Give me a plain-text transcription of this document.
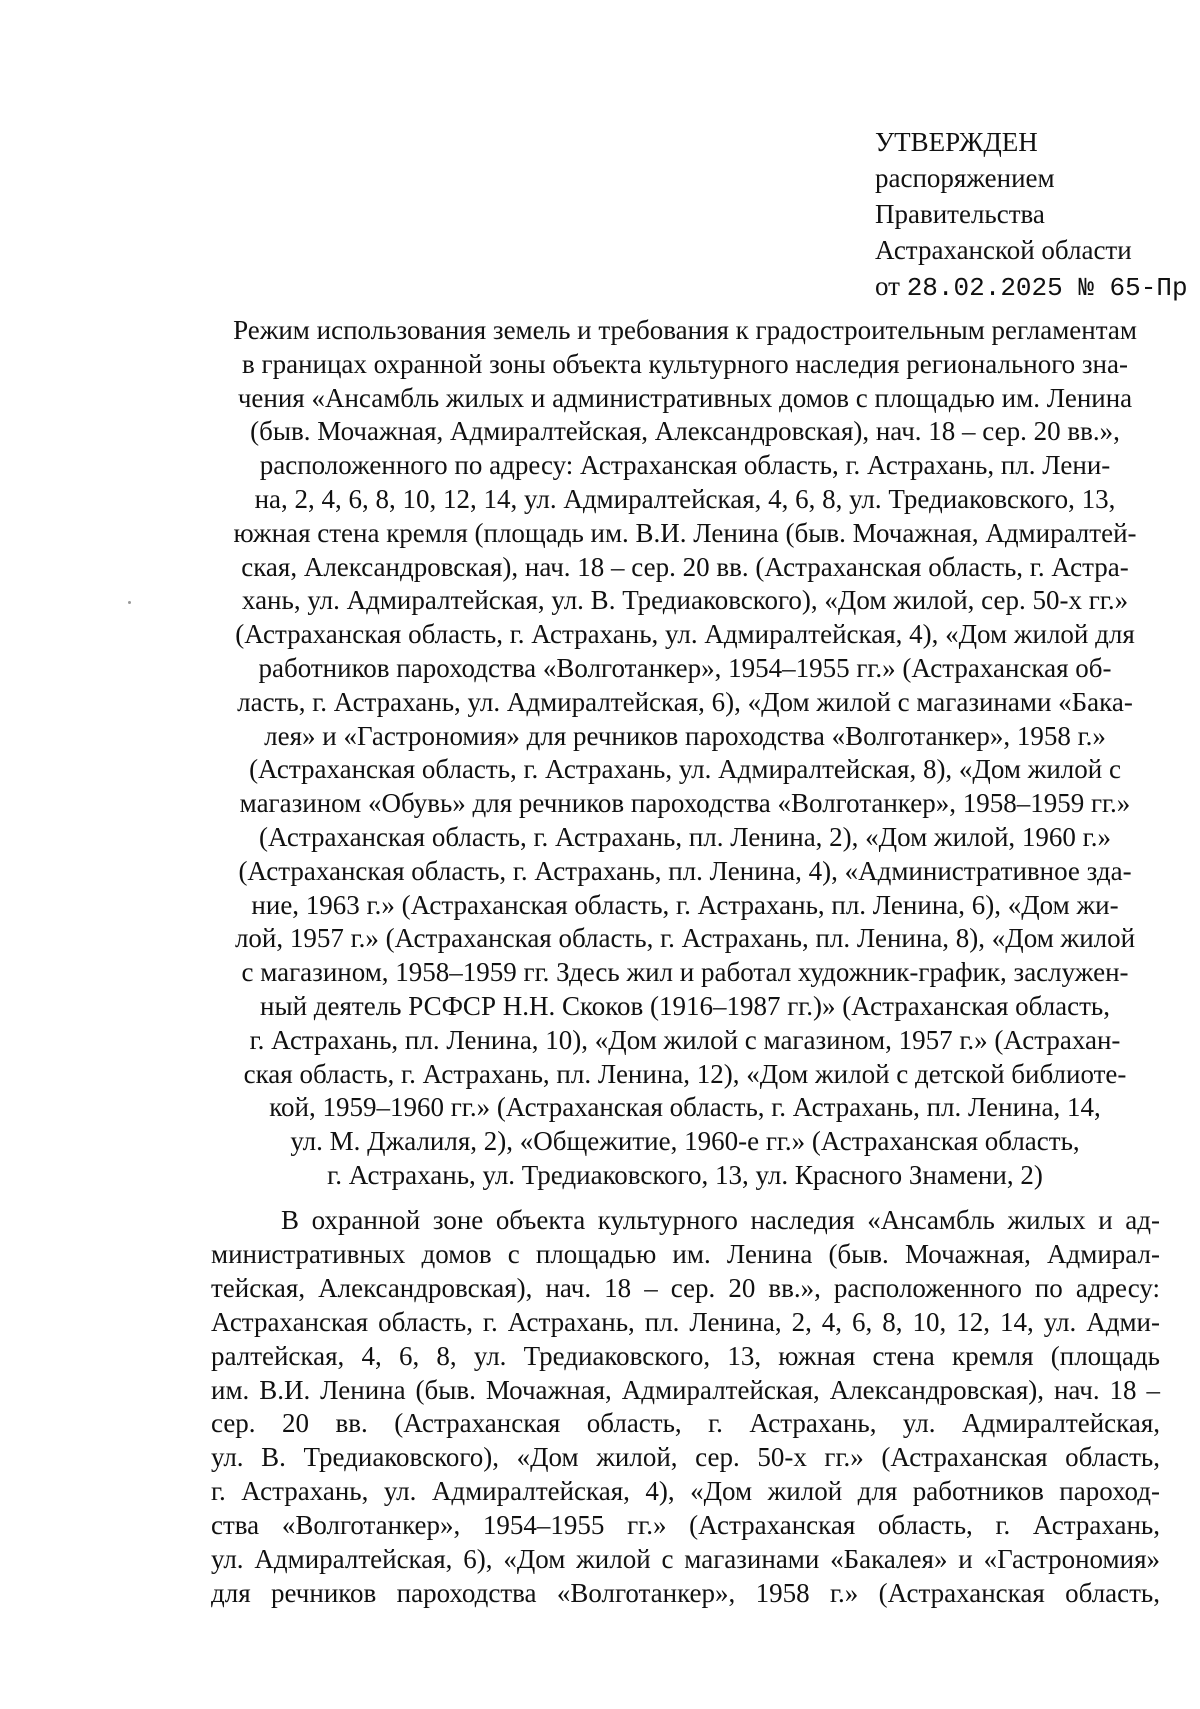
УТВЕРЖДЕН
распоряжением
Правительства
Астраханской области
от 28.02.2025 № 65-Пр
Режим использования земель и требования к градостроительным регламентам
в границах охранной зоны объекта культурного наследия регионального зна-
чения «Ансамбль жилых и административных домов с площадью им. Ленина
(быв. Мочажная, Адмиралтейская, Александровская), нач. 18 – сер. 20 вв.»,
расположенного по адресу: Астраханская область, г. Астрахань, пл. Лени-
на, 2, 4, 6, 8, 10, 12, 14, ул. Адмиралтейская, 4, 6, 8, ул. Тредиаковского, 13,
южная стена кремля (площадь им. В.И. Ленина (быв. Мочажная, Адмиралтей-
ская, Александровская), нач. 18 – сер. 20 вв. (Астраханская область, г. Астра-
хань, ул. Адмиралтейская, ул. В. Тредиаковского), «Дом жилой, сер. 50-х гг.»
(Астраханская область, г. Астрахань, ул. Адмиралтейская, 4), «Дом жилой для
работников пароходства «Волготанкер», 1954–1955 гг.» (Астраханская об-
ласть, г. Астрахань, ул. Адмиралтейская, 6), «Дом жилой с магазинами «Бака-
лея» и «Гастрономия» для речников пароходства «Волготанкер», 1958 г.»
(Астраханская область, г. Астрахань, ул. Адмиралтейская, 8), «Дом жилой с
магазином «Обувь» для речников пароходства «Волготанкер», 1958–1959 гг.»
(Астраханская область, г. Астрахань, пл. Ленина, 2), «Дом жилой, 1960 г.»
(Астраханская область, г. Астрахань, пл. Ленина, 4), «Административное зда-
ние, 1963 г.» (Астраханская область, г. Астрахань, пл. Ленина, 6), «Дом жи-
лой, 1957 г.» (Астраханская область, г. Астрахань, пл. Ленина, 8), «Дом жилой
с магазином, 1958–1959 гг. Здесь жил и работал художник-график, заслужен-
ный деятель РСФСР Н.Н. Скоков (1916–1987 гг.)» (Астраханская область,
г. Астрахань, пл. Ленина, 10), «Дом жилой с магазином, 1957 г.» (Астрахан-
ская область, г. Астрахань, пл. Ленина, 12), «Дом жилой с детской библиоте-
кой, 1959–1960 гг.» (Астраханская область, г. Астрахань, пл. Ленина, 14,
ул. М. Джалиля, 2), «Общежитие, 1960-е гг.» (Астраханская область,
г. Астрахань, ул. Тредиаковского, 13, ул. Красного Знамени, 2)
В охранной зоне объекта культурного наследия «Ансамбль жилых и ад-
министративных домов с площадью им. Ленина (быв. Мочажная, Адмирал-
тейская, Александровская), нач. 18 – сер. 20 вв.», расположенного по адресу:
Астраханская область, г. Астрахань, пл. Ленина, 2, 4, 6, 8, 10, 12, 14, ул. Адми-
ралтейская, 4, 6, 8, ул. Тредиаковского, 13, южная стена кремля (площадь
им. В.И. Ленина (быв. Мочажная, Адмиралтейская, Александровская), нач. 18 –
сер. 20 вв. (Астраханская область, г. Астрахань, ул. Адмиралтейская,
ул. В. Тредиаковского), «Дом жилой, сер. 50-х гг.» (Астраханская область,
г. Астрахань, ул. Адмиралтейская, 4), «Дом жилой для работников пароход-
ства «Волготанкер», 1954–1955 гг.» (Астраханская область, г. Астрахань,
ул. Адмиралтейская, 6), «Дом жилой с магазинами «Бакалея» и «Гастрономия»
для речников пароходства «Волготанкер», 1958 г.» (Астраханская область,
